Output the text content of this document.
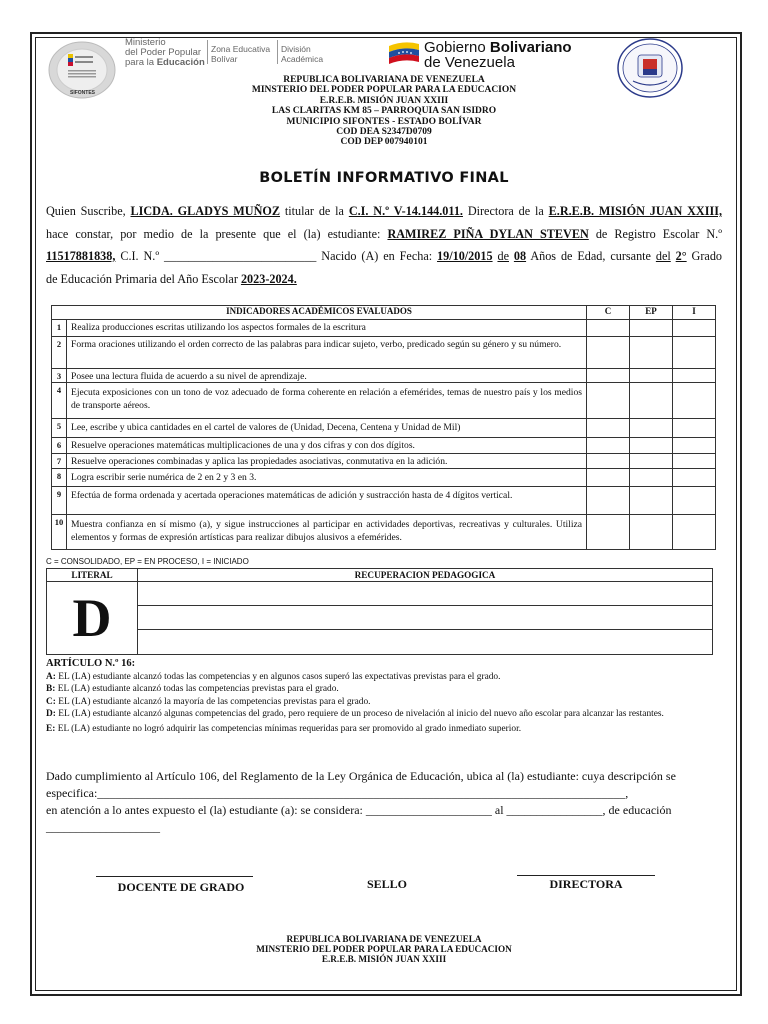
SIFONTES
Ministerio
del Poder Popular
para la Educación
Zona Educativa
Bolívar
División
Académica
Gobierno Bolivariano
de Venezuela
REPUBLICA BOLIVARIANA DE VENEZUELA
MINSTERIO DEL PODER POPULAR PARA LA EDUCACION
E.R.E.B. MISIÓN JUAN XXIII
LAS CLARITAS KM 85 – PARROQUIA SAN ISIDRO
MUNICIPIO SIFONTES - ESTADO BOLÍVAR
COD DEA S2347D0709
COD DEP 007940101
BOLETÍN INFORMATIVO FINAL
Quien Suscribe, LICDA. GLADYS MUÑOZ titular de la C.I. N.º V-14.144.011. Directora de la E.R.E.B. MISIÓN JUAN XXIII,
hace constar, por medio de la presente que el (la) estudiante: RAMIREZ PIÑA DYLAN STEVEN de Registro Escolar N.º
11517881838, C.I. N.º _________________________ Nacido (A) en Fecha: 19/10/2015 de 08 Años de Edad, cursante del 2° Grado
de Educación Primaria del Año Escolar 2023-2024.
INDICADORES ACADÉMICOS EVALUADOS		C	EP	I
1	Realiza producciones escritas utilizando los aspectos formales de la escritura			

2	Forma oraciones utilizando el orden correcto de las palabras para indicar sujeto, verbo, predicado según su género y su número.			

3	Posee una lectura fluida de acuerdo a su nivel de aprendizaje.			

4	Ejecuta exposiciones con un tono de voz adecuado de forma coherente en relación a efemérides, temas de nuestro país y los medios de transporte aéreos.			

5	Lee, escribe y ubica cantidades en el cartel de valores de (Unidad, Decena, Centena y Unidad de Mil)			

6	Resuelve operaciones matemáticas multiplicaciones de una y dos cifras y con dos dígitos.			

7	Resuelve operaciones combinadas y aplica las propiedades asociativas, conmutativa en la adición.			

8	Logra escribir serie numérica de 2 en 2 y 3 en 3.			

9	Efectúa de forma ordenada y acertada operaciones matemáticas de adición y sustracción hasta de 4 dígitos vertical.			

10	Muestra confianza en sí mismo (a), y sigue instrucciones al participar en actividades deportivas, recreativas y culturales. Utiliza elementos y formas de expresión artísticas para realizar dibujos alusivos a efemérides.			

C = CONSOLIDADO, EP = EN PROCESO, I = INICIADO
LITERAL	RECUPERACION PEDAGOGICA
D	

ARTÍCULO N.º 16:
A: EL (LA) estudiante alcanzó todas las competencias y en algunos casos superó las expectativas previstas para el grado.
B: EL (LA) estudiante alcanzó todas las competencias previstas para el grado.
C: EL (LA) estudiante alcanzó la mayoría de las competencias previstas para el grado.
D: EL (LA) estudiante alcanzó algunas competencias del grado, pero requiere de un proceso de nivelación al inicio del nuevo año escolar para alcanzar las restantes.
E: EL (LA) estudiante no logró adquirir las competencias mínimas requeridas para ser promovido al grado inmediato superior.
Dado cumplimiento al Artículo 106, del Reglamento de la Ley Orgánica de Educación, ubica al (la) estudiante: cuya descripción se
especifica:________________________________________________________________________________________,
en atención a lo antes expuesto el (la) estudiante (a): se considera: _____________________ al ________________, de educación
___________________
DOCENTE DE GRADO	SELLO	DIRECTORA
REPUBLICA BOLIVARIANA DE VENEZUELA
MINSTERIO DEL PODER POPULAR PARA LA EDUCACION
E.R.E.B. MISIÓN JUAN XXIII
